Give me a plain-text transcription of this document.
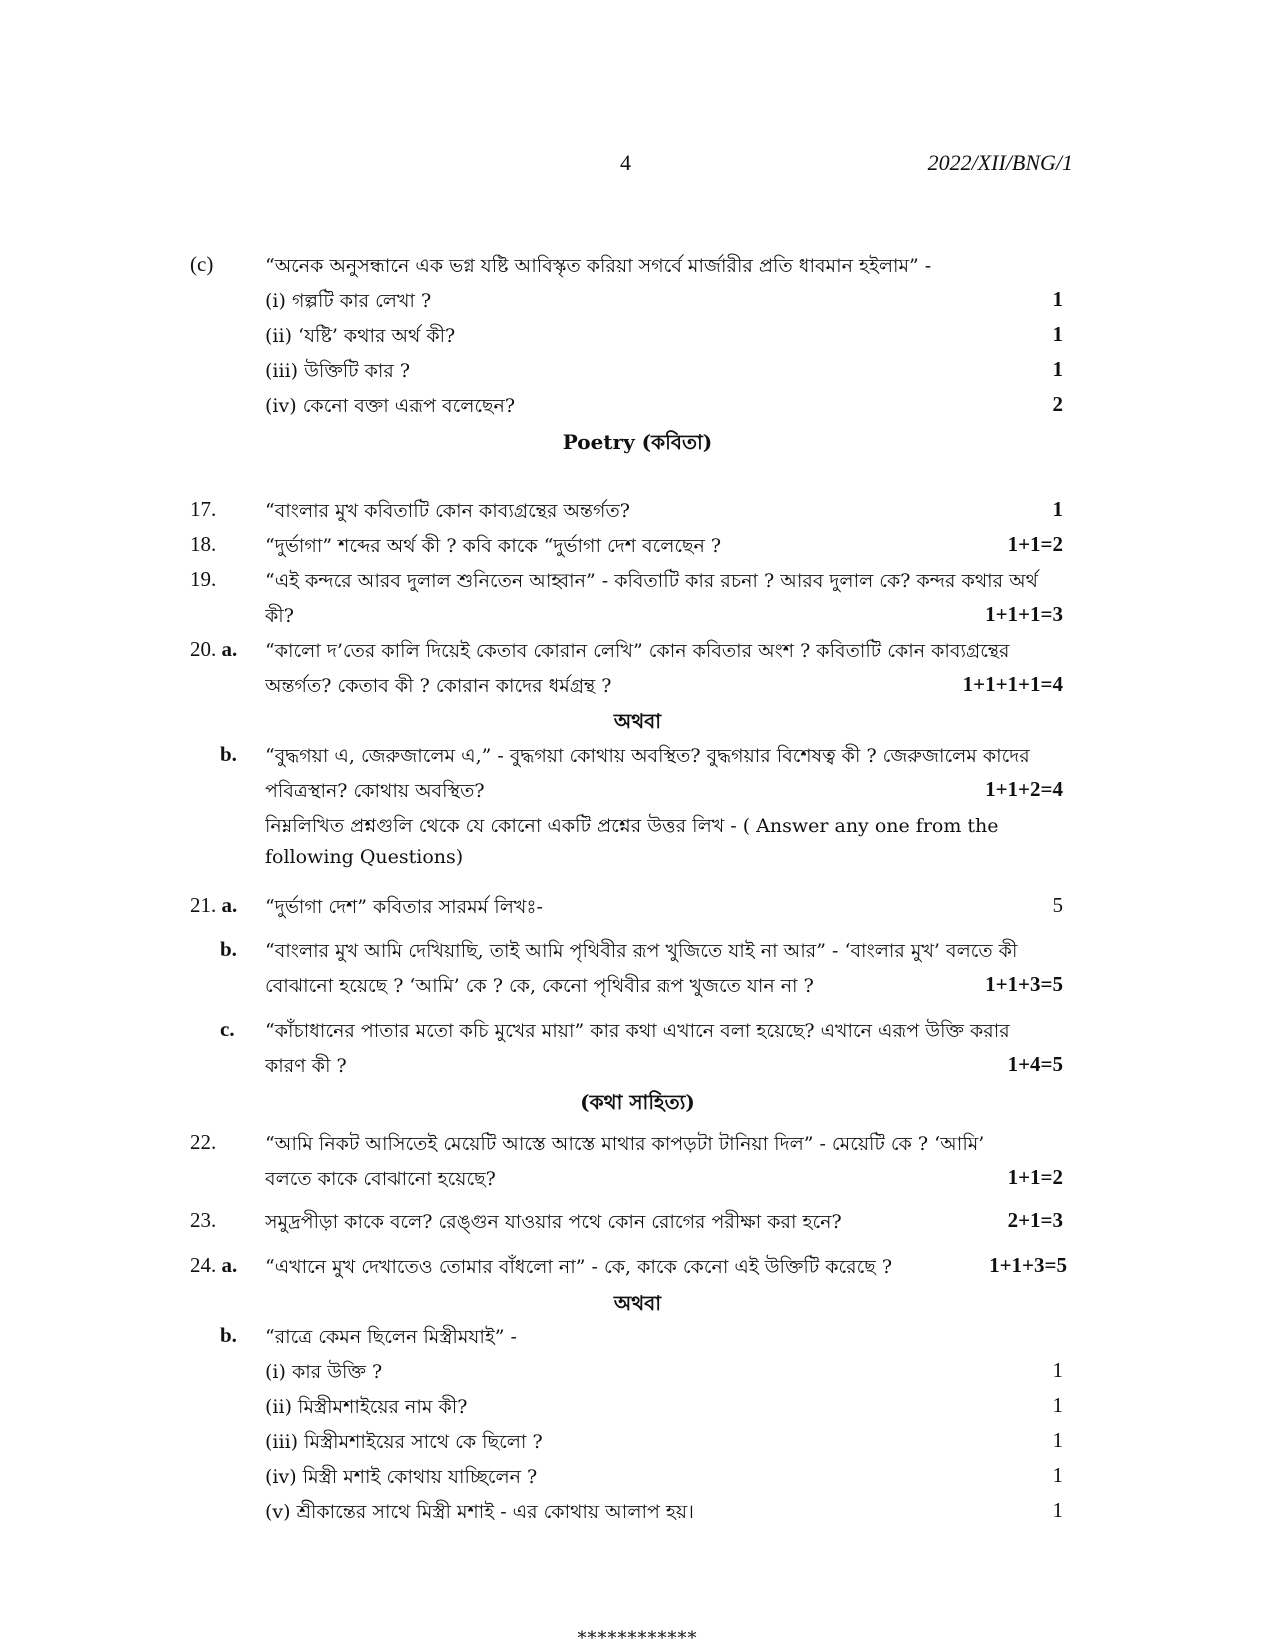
4	2022/XII/BNG/1
(c)	“অনেক অনুসন্ধানে এক ভগ্ন যষ্টি আবিস্কৃত করিয়া সগর্বে মার্জারীর প্রতি ধাবমান হইলাম” -
(i) গল্পটি কার লেখা ?	1
(ii) ‘যষ্টি’ কথার অর্থ কী?	1
(iii) উক্তিটি কার ?	1
(iv) কেনো বক্তা এরূপ বলেছেন?	2
Poetry (কবিতা)
17.	“বাংলার মুখ কবিতাটি কোন কাব্যগ্রন্থের অন্তর্গত?	1
18.	“দুর্ভাগা” শব্দের অর্থ কী ? কবি কাকে “দুর্ভাগা দেশ বলেছেন ?	1+1=2
19.	“এই কন্দরে আরব দুলাল শুনিতেন আহ্বান” - কবিতাটি কার রচনা ? আরব দুলাল কে? কন্দর কথার অর্থ
কী?	1+1+1=3
20. a. “কালো দ’তের কালি দিয়েই কেতাব কোরান লেখি” কোন কবিতার অংশ ? কবিতাটি কোন কাব্যগ্রন্থের
অন্তর্গত? কেতাব কী ? কোরান কাদের ধর্মগ্রন্থ ?	1+1+1+1=4
অথবা
b. “বুদ্ধগয়া এ, জেরুজালেম এ,” - বুদ্ধগয়া কোথায় অবস্থিত? বুদ্ধগয়ার বিশেষত্ব কী ? জেরুজালেম কাদের
পবিত্রস্থান? কোথায় অবস্থিত?	1+1+2=4
নিম্নলিখিত প্রশ্নগুলি থেকে যে কোনো একটি প্রশ্নের উত্তর লিখ - ( Answer any one from the
following Questions)
21. a. “দুর্ভাগা দেশ” কবিতার সারমর্ম লিখঃ-	5
b. “বাংলার মুখ আমি দেখিয়াছি, তাই আমি পৃথিবীর রূপ খুজিতে যাই না আর” - ‘বাংলার মুখ’ বলতে কী
বোঝানো হয়েছে ? ‘আমি’ কে ? কে, কেনো পৃথিবীর রূপ খুজতে যান না ?	1+1+3=5
c. “কাঁচাধানের পাতার মতো কচি মুখের মায়া” কার কথা এখানে বলা হয়েছে? এখানে এরূপ উক্তি করার
কারণ কী ?	1+4=5
(কথা সাহিত্য)
22.	“আমি নিকট আসিতেই মেয়েটি আস্তে আস্তে মাথার কাপড়টা টানিয়া দিল” - মেয়েটি কে ? ‘আমি’
বলতে কাকে বোঝানো হয়েছে?	1+1=2
23.	সমুদ্রপীড়া কাকে বলে? রেঙ্গুন যাওয়ার পথে কোন রোগের পরীক্ষা করা হনে?	2+1=3
24. a. “এখানে মুখ দেখাতেও তোমার বাঁধলো না” - কে, কাকে কেনো এই উক্তিটি করেছে ?	1+1+3=5
অথবা
b. “রাত্রে কেমন ছিলেন মিস্ত্রীমযাই” -
(i) কার উক্তি ?	1
(ii) মিস্ত্রীমশাইয়ের নাম কী?	1
(iii) মিস্ত্রীমশাইয়ের সাথে কে ছিলো ?	1
(iv) মিস্ত্রী মশাই কোথায় যাচ্ছিলেন ?	1
(v) শ্রীকান্তের সাথে মিস্ত্রী মশাই - এর কোথায় আলাপ হয়।	1
************
